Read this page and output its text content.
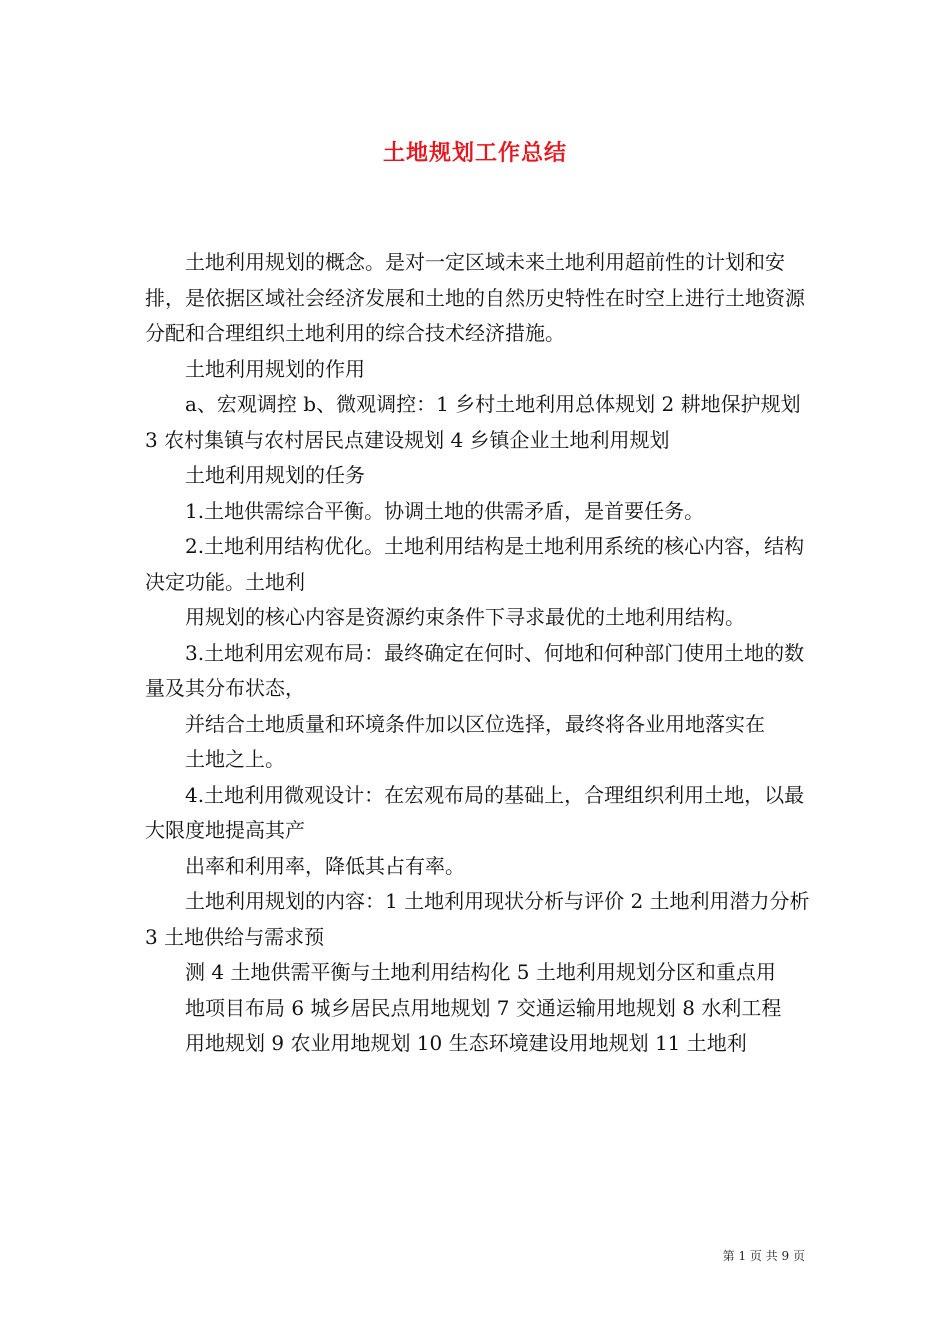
土地规划工作总结

土地利用规划的概念。是对一定区域未来土地利用超前性的计划和安排，是依据区域社会经济发展和土地的自然历史特性在时空上进行土地资源分配和合理组织土地利用的综合技术经济措施。

土地利用规划的作用

a、宏观调控 b、微观调控：1 乡村土地利用总体规划 2 耕地保护规划 3 农村集镇与农村居民点建设规划 4 乡镇企业土地利用规划

土地利用规划的任务

1.土地供需综合平衡。协调土地的供需矛盾，是首要任务。

2.土地利用结构优化。土地利用结构是土地利用系统的核心内容，结构决定功能。土地利

用规划的核心内容是资源约束条件下寻求最优的土地利用结构。

3.土地利用宏观布局：最终确定在何时、何地和何种部门使用土地的数量及其分布状态，

并结合土地质量和环境条件加以区位选择，最终将各业用地落实在

土地之上。

4.土地利用微观设计：在宏观布局的基础上，合理组织利用土地，以最大限度地提高其产

出率和利用率，降低其占有率。

土地利用规划的内容：1 土地利用现状分析与评价 2 土地利用潜力分析 3 土地供给与需求预

测 4 土地供需平衡与土地利用结构化 5 土地利用规划分区和重点用

地项目布局 6 城乡居民点用地规划 7 交通运输用地规划 8 水利工程

用地规划 9 农业用地规划 10 生态环境建设用地规划 11 土地利

第 1 页 共 9 页
